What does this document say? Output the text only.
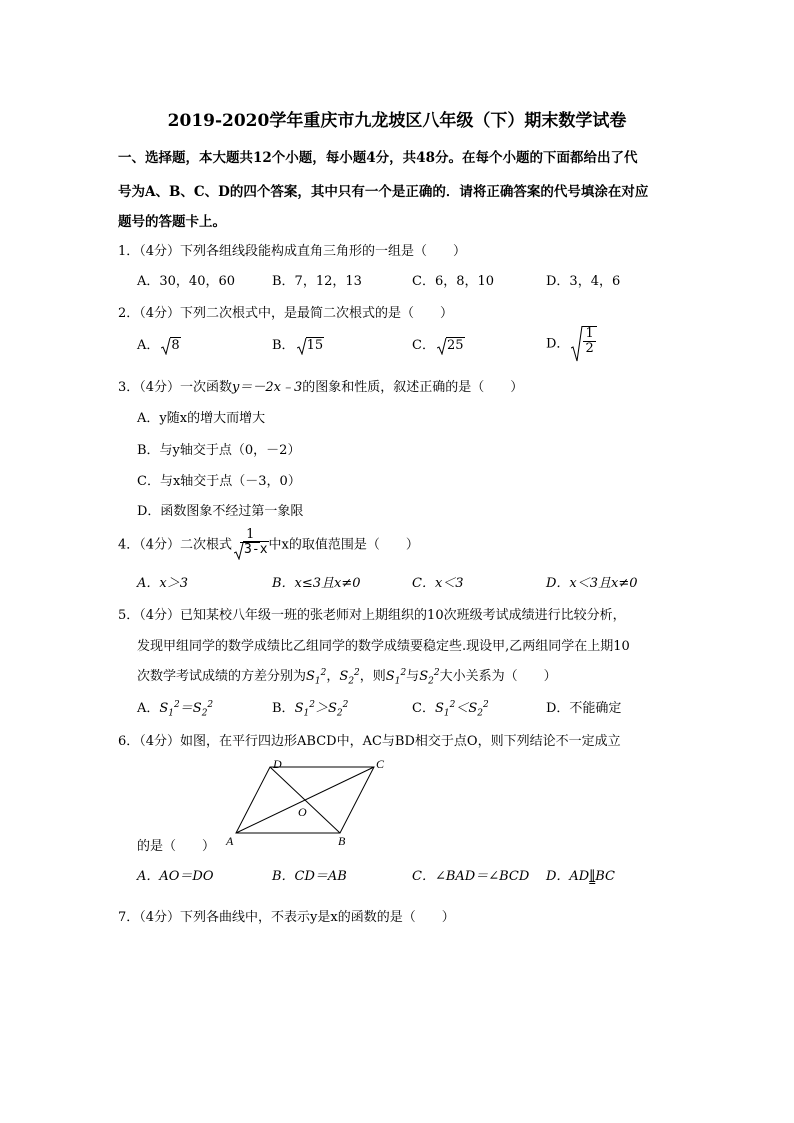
2019-2020学年重庆市九龙坡区八年级（下）期末数学试卷
一、选择题，本大题共12个小题，每小题4分，共48分。在每个小题的下面都给出了代
号为A、B、C、D的四个答案，其中只有一个是正确的．请将正确答案的代号填涂在对应
题号的答题卡上。
1．（4分）下列各组线段能构成直角三角形的一组是（　　）
A．30，40，60	B．7，12，13	C．6，8，10	D．3，4，6
2．（4分）下列二次根式中，是最简二次根式的是（　　）
A． 8	B． 15	C． 25	D． $\frac{1}{2}$
3．（4分）一次函数y＝－2x﹣3的图象和性质，叙述正确的是（　　）
A．y随x的增大而增大
B．与y轴交于点（0，－2）
C．与x轴交于点（－3，0）
D．函数图象不经过第一象限
4．（4分）二次根式 $\frac{1}{3-x}$ 中x的取值范围是（　　）
A．x＞3	B．x≤3且x≠0	C．x＜3	D．x＜3且x≠0
5．（4分）已知某校八年级一班的张老师对上期组织的10次班级考试成绩进行比较分析，
发现甲组同学的数学成绩比乙组同学的数学成绩要稳定些.现设甲,乙两组同学在上期10
次数学考试成绩的方差分别为$S_1^2$，$S_2^2$，则$S_1^2$与$S_2^2$大小关系为（　　）
A．$S_1^2=S_2^2$	B．$S_1^2>S_2^2$	C．$S_1^2<S_2^2$	D．不能确定
6．（4分）如图，在平行四边形ABCD中，AC与BD相交于点O，则下列结论不一定成立
A	B
C
D
O
的是（　　）
A．AO＝DO	B．CD＝AB	C．∠BAD＝∠BCD D．AD∥BC
7．（4分）下列各曲线中，不表示y是x的函数的是（　　）
